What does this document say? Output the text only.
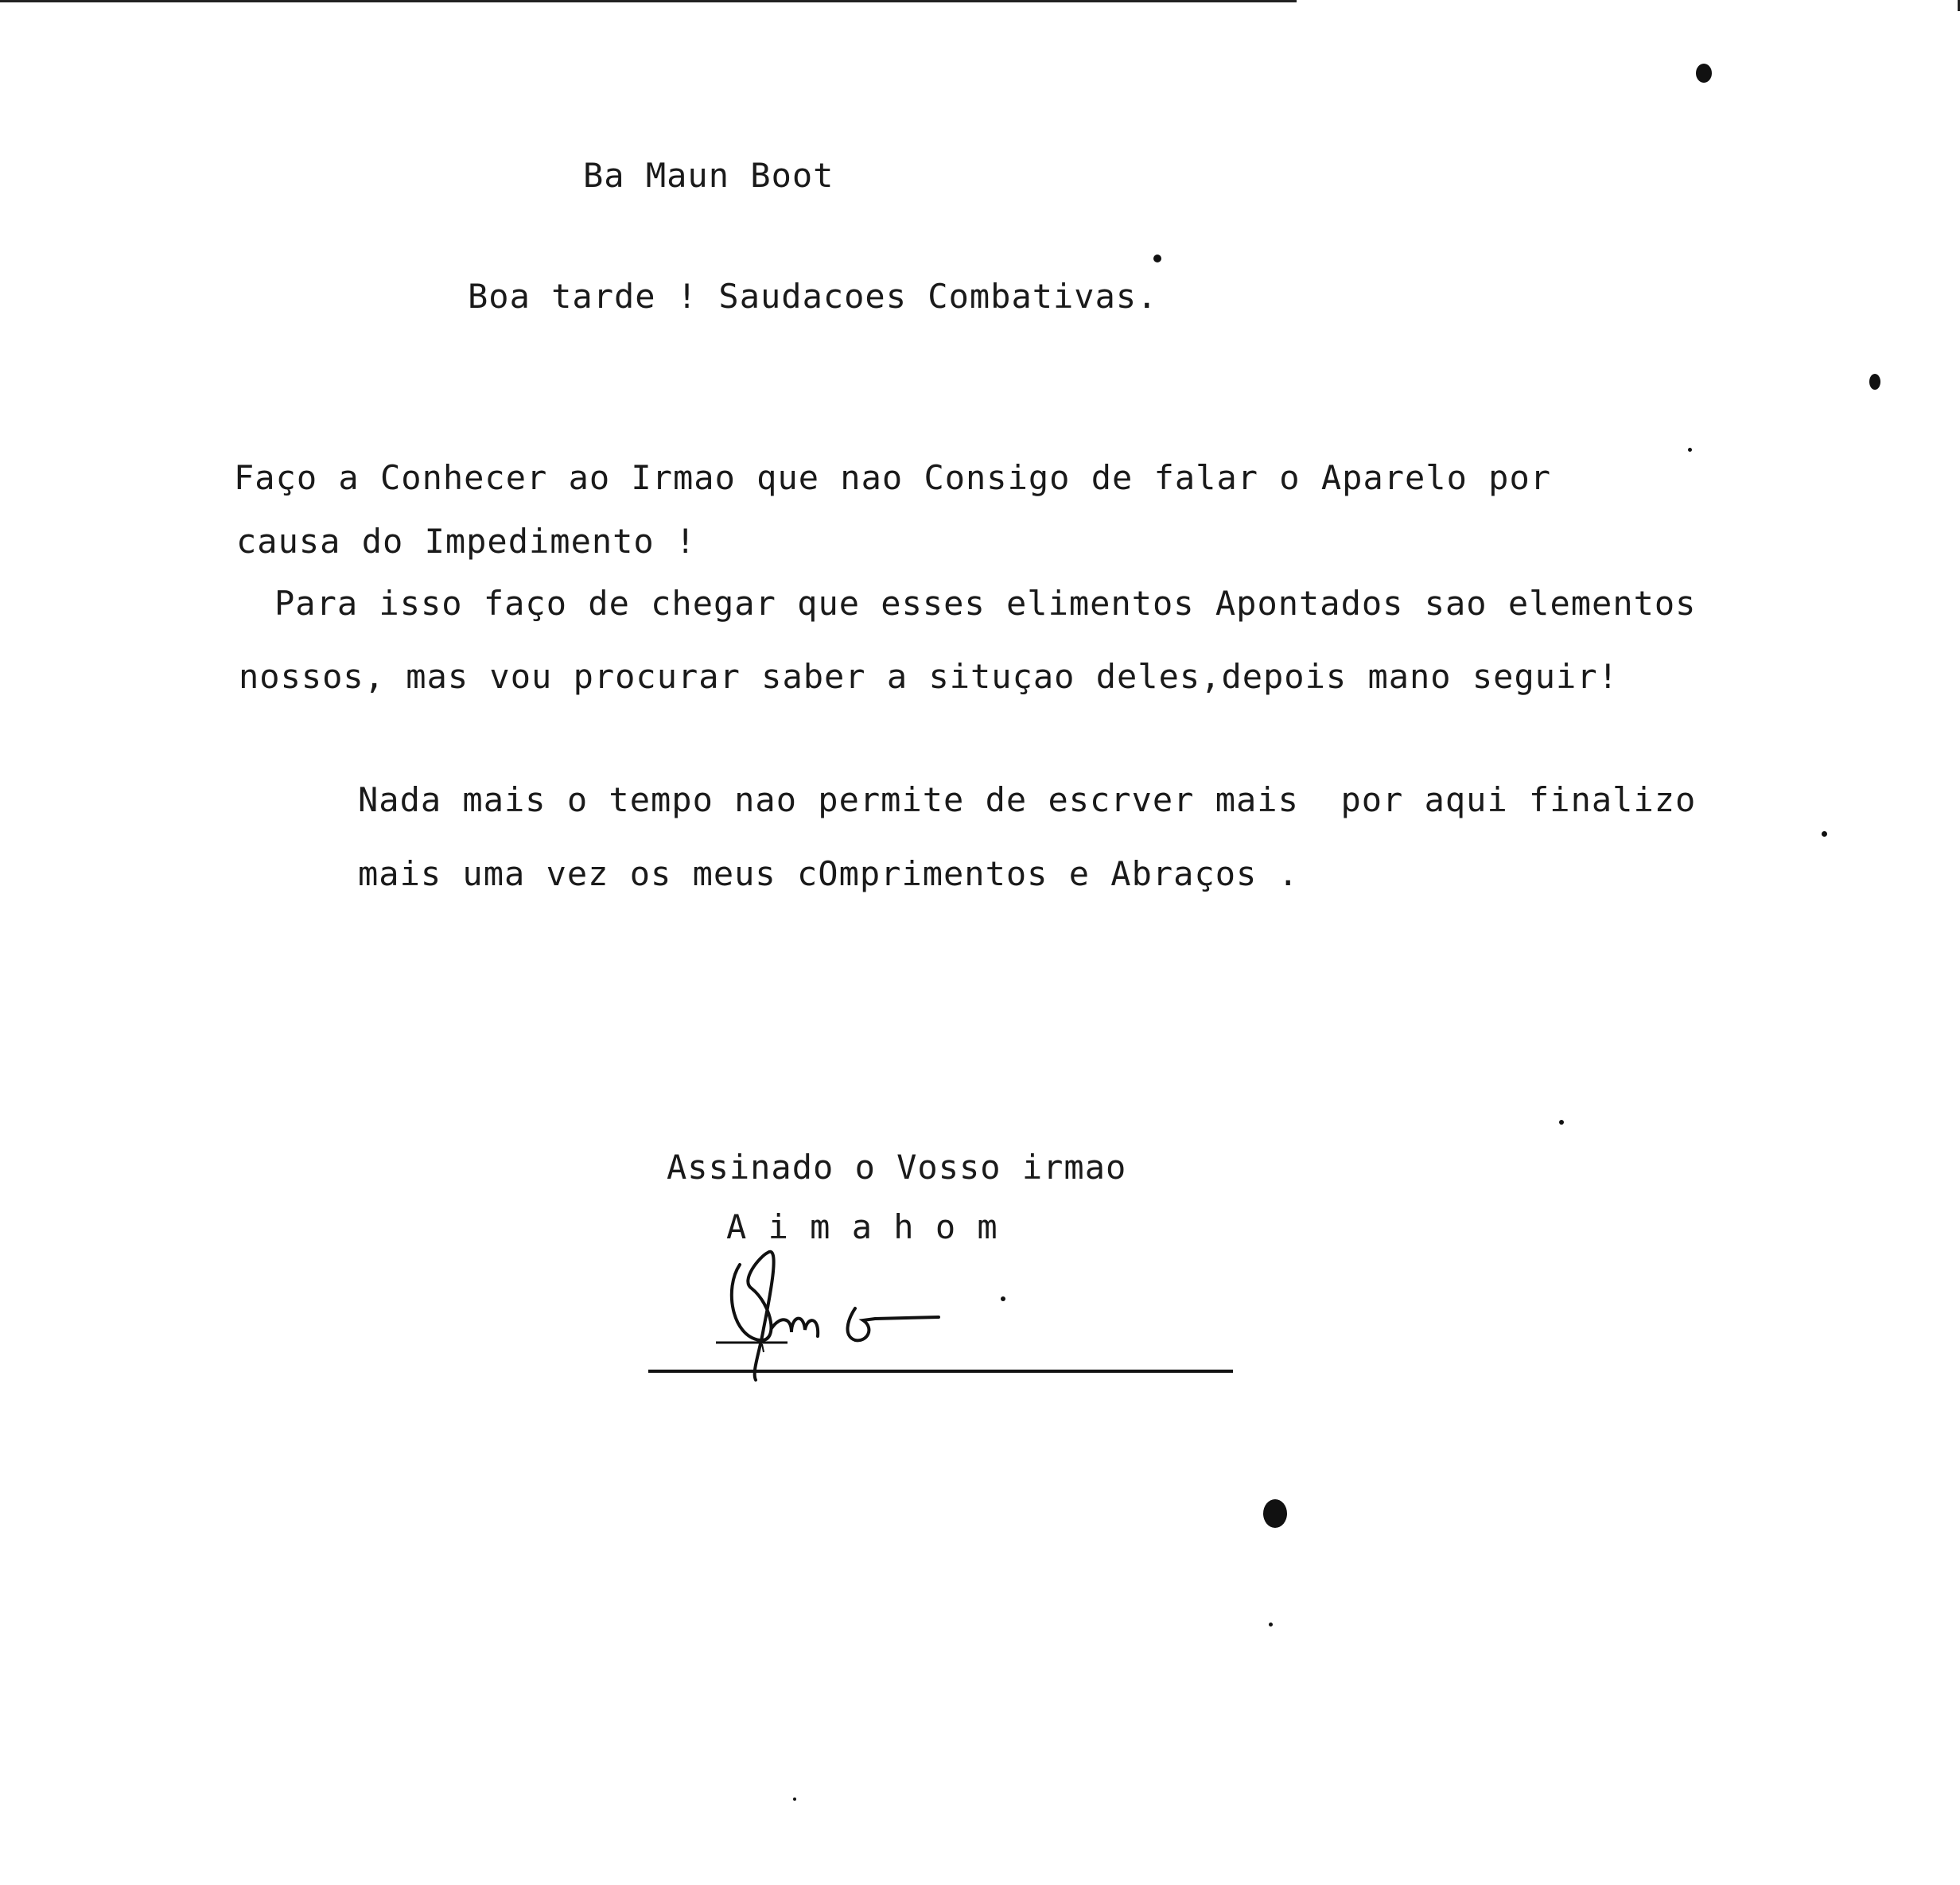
Ba Maun Boot
Boa tarde ! Saudacoes Combativas.
Faço a Conhecer ao Irmao que nao Consigo de falar o Aparelo por
causa do Impedimento !
Para isso faço de chegar que esses elimentos Apontados sao elementos
nossos, mas vou procurar saber a situçao deles,depois mano seguir!
Nada mais o tempo nao permite de escrver mais  por aqui finalizo
mais uma vez os meus cOmprimentos e Abraços .
Assinado o Vosso irmao
A i m a h o m
